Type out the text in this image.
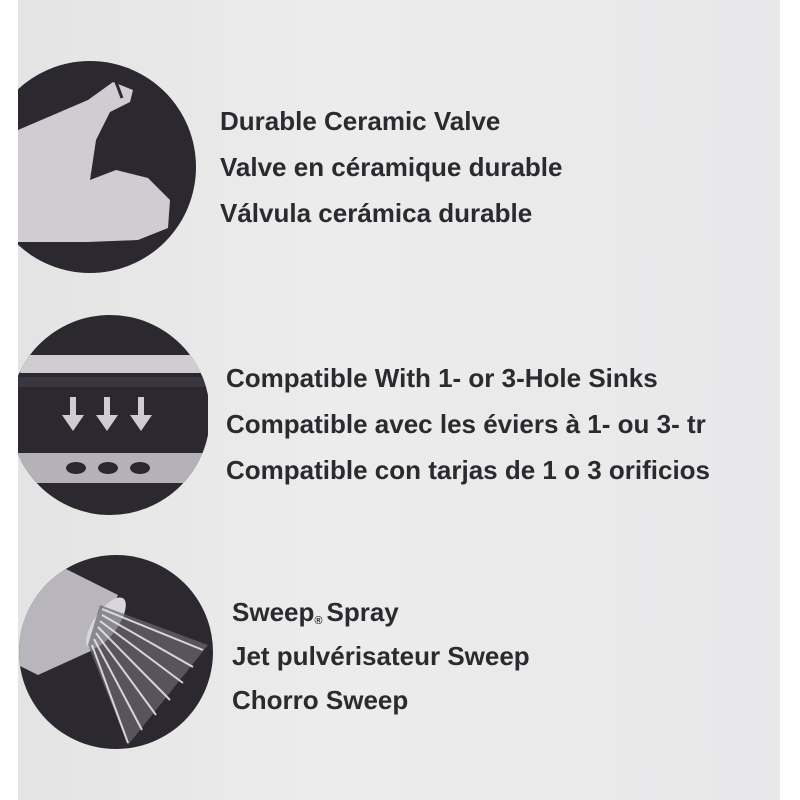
Durable Ceramic Valve
Valve en céramique durable
Válvula cerámica durable
Compatible With 1- or 3-Hole Sinks
Compatible avec les éviers à 1- ou 3- tr
Compatible con tarjas de 1 o 3 orificios
Sweep$_®$ Spray
Jet pulvérisateur Sweep
Chorro Sweep
